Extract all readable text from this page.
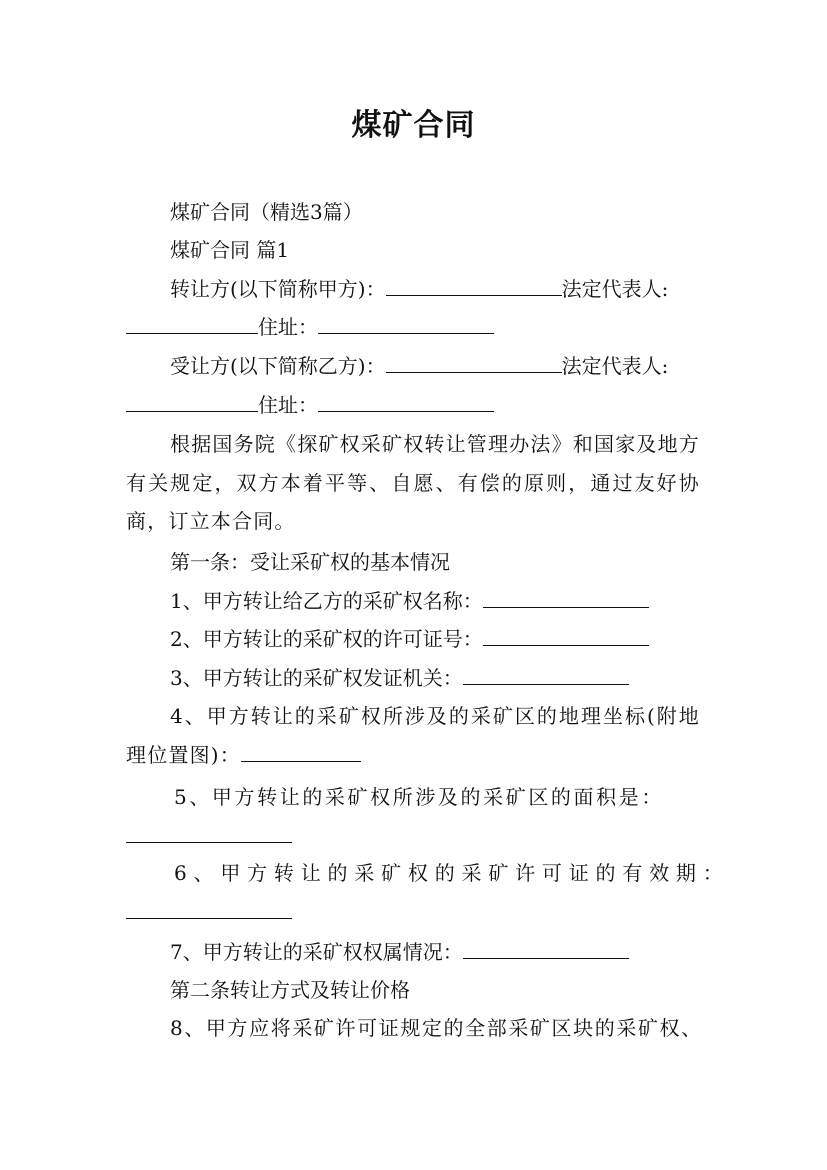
煤矿合同
煤矿合同（精选3篇）
煤矿合同 篇1
转让方(以下简称甲方)：	法定代表人:
住址：
受让方(以下简称乙方)：	法定代表人:
住址：
根据国务院《探矿权采矿权转让管理办法》和国家及地方有关规定，双方本着平等、自愿、有偿的原则，通过友好协商，订立本合同。
第一条：受让采矿权的基本情况
1、甲方转让给乙方的采矿权名称：
2、甲方转让的采矿权的许可证号：
3、甲方转让的采矿权发证机关：
4、甲方转让的采矿权所涉及的采矿区的地理坐标(附地理位置图)：
5、甲方转让的采矿权所涉及的采矿区的面积是：
6、甲方转让的采矿权的采矿许可证的有效期：
7、甲方转让的采矿权权属情况：
第二条转让方式及转让价格
8、甲方应将采矿许可证规定的全部采矿区块的采矿权、
